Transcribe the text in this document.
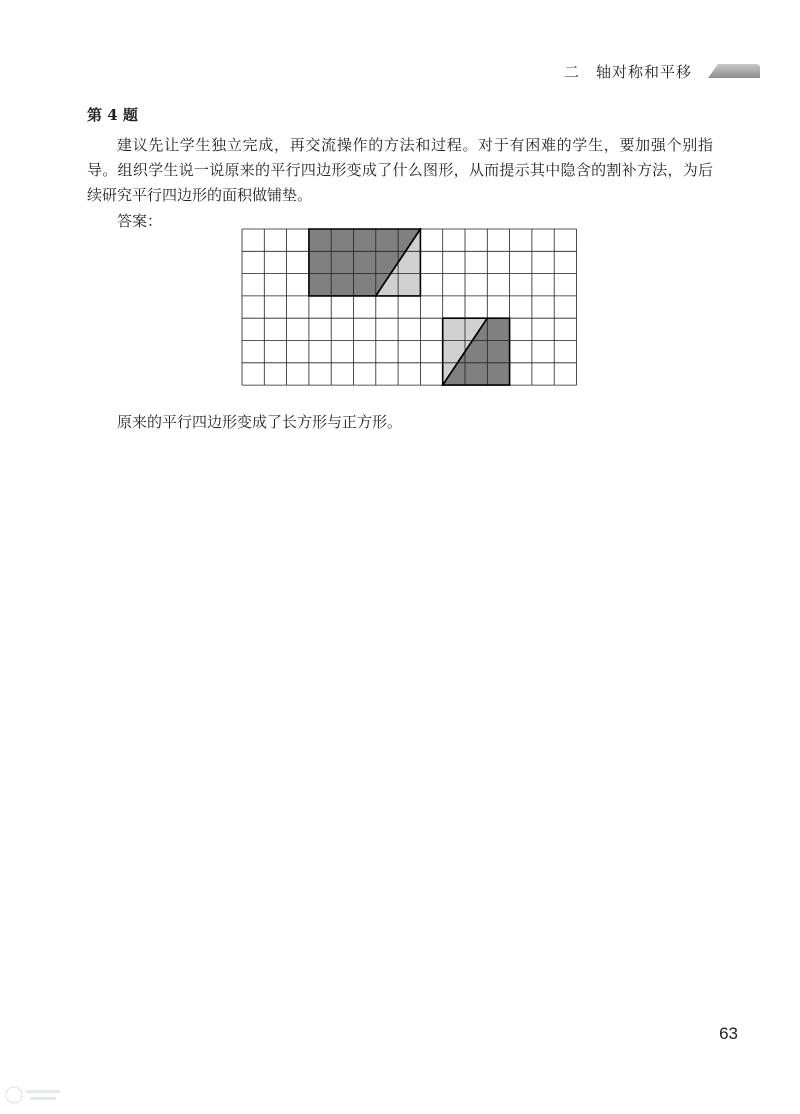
二　轴对称和平移
第 4 题
建议先让学生独立完成，再交流操作的方法和过程。对于有困难的学生，要加强个别指导。组织学生说一说原来的平行四边形变成了什么图形，从而提示其中隐含的割补方法，为后续研究平行四边形的面积做铺垫。
答案：
原来的平行四边形变成了长方形与正方形。
63
